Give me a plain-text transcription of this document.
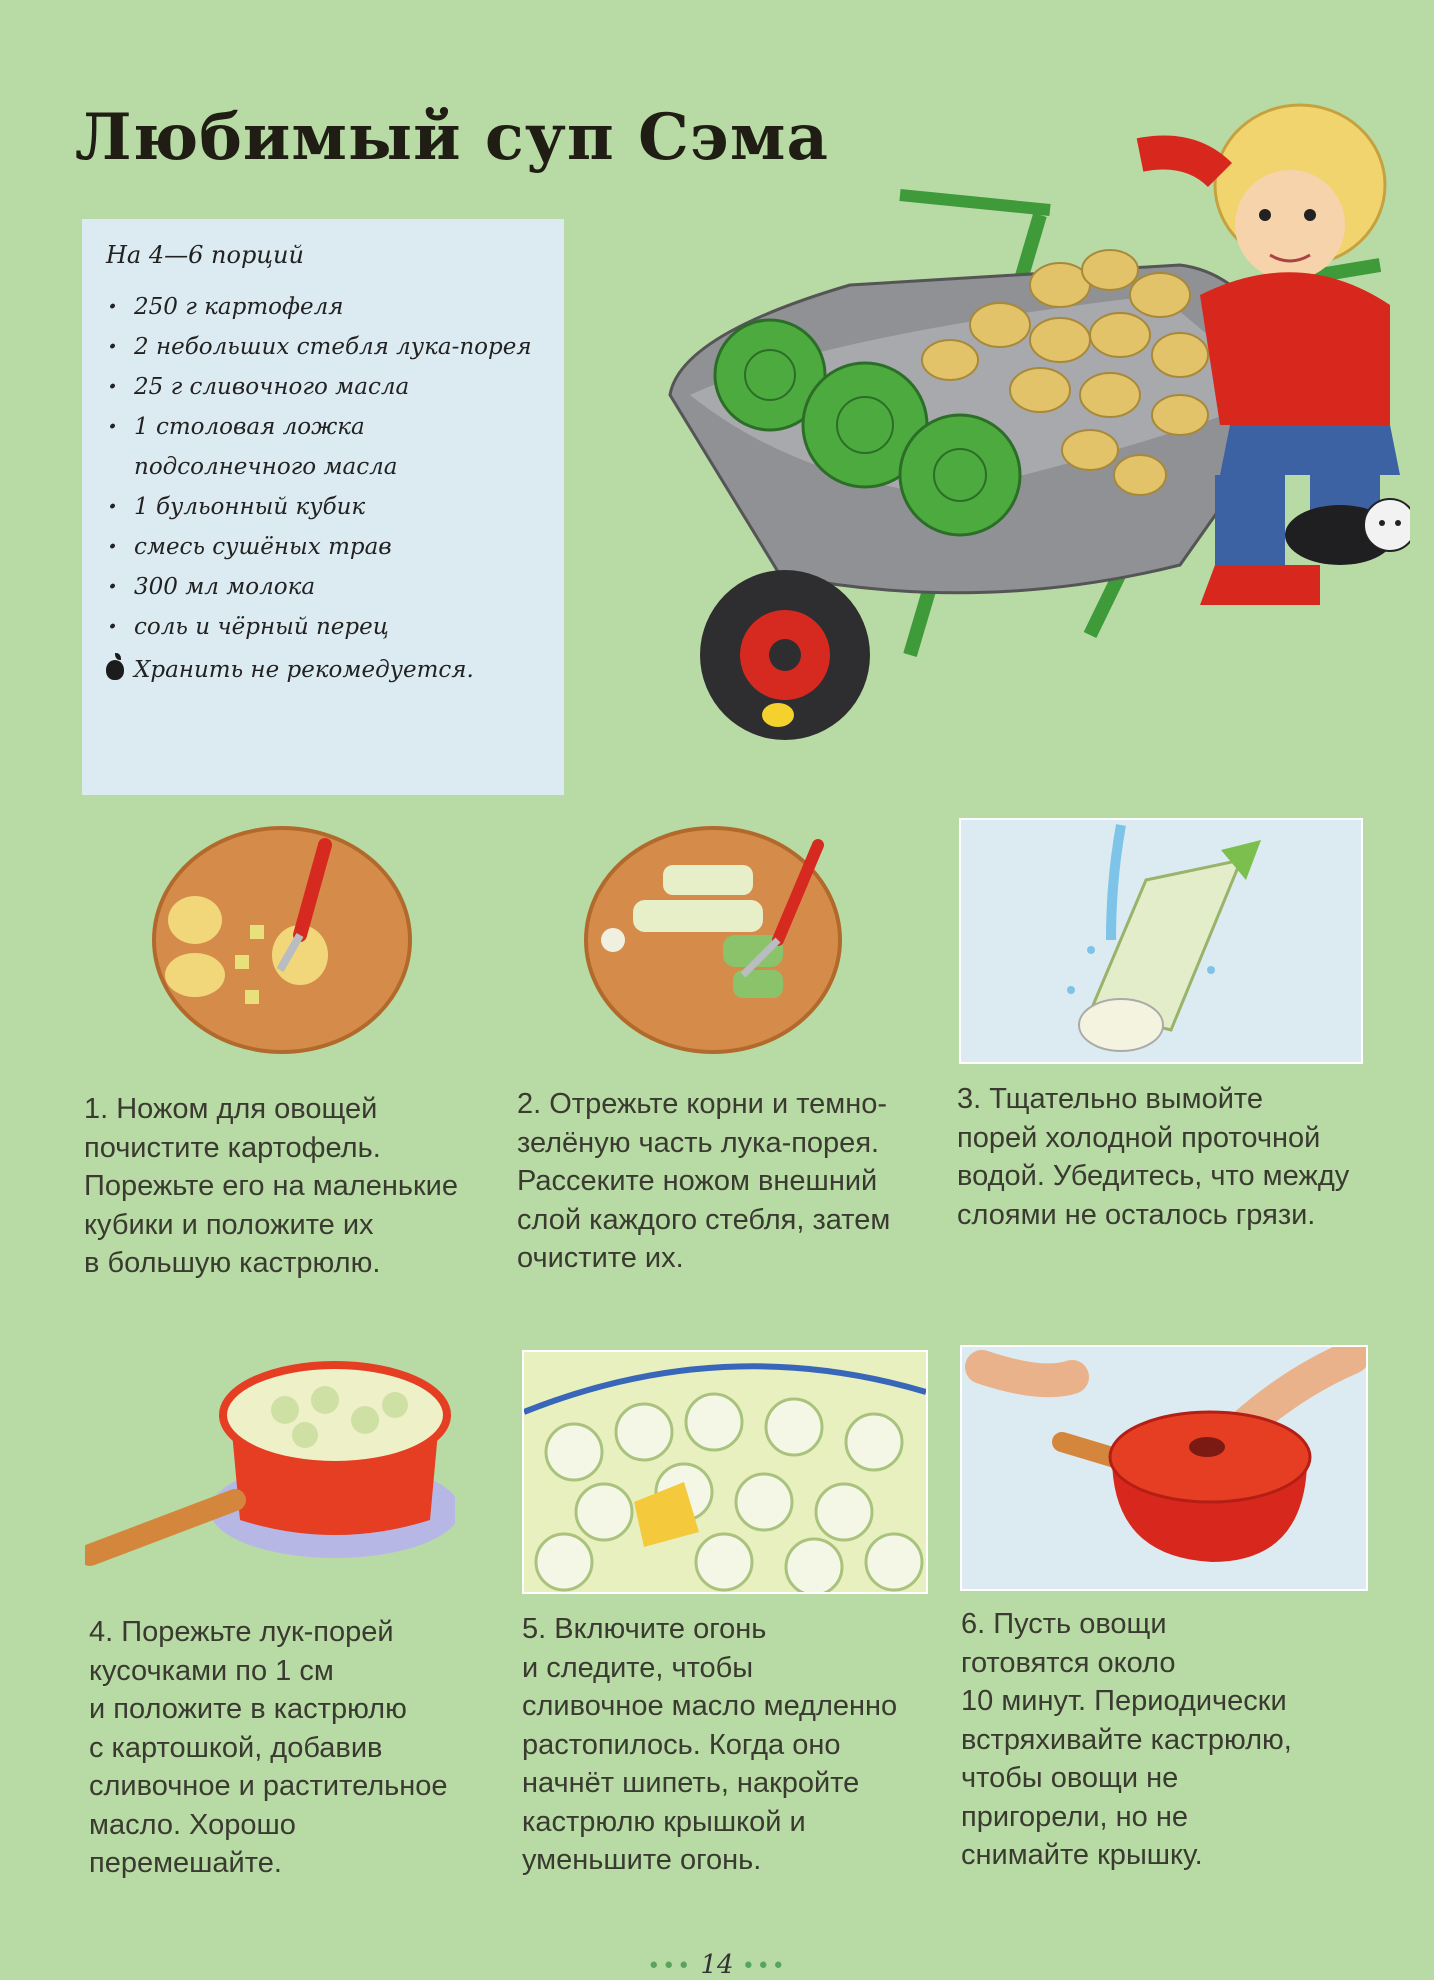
Любимый суп Сэма
На 4—6 порций
· 250 г картофеля
· 2 небольших стебля лука-порея
· 25 г сливочного масла
· 1 столовая ложка подсолнечного масла
· 1 бульонный кубик
· смесь сушёных трав
· 300 мл молока
· соль и чёрный перец
Хранить не рекомедуется.
1. Ножом для овощей
почистите картофель.
Порежьте его на маленькие
кубики и положите их
в большую кастрюлю.
2. Отрежьте корни и темно-
зелёную часть лука-порея.
Рассеките ножом внешний
слой каждого стебля, затем
очистите их.
3. Тщательно вымойте
порей холодной проточной
водой. Убедитесь, что между
слоями не осталось грязи.
4. Порежьте лук-порей
кусочками по 1 см
и положите в кастрюлю
с картошкой, добавив
сливочное и растительное
масло. Хорошо
перемешайте.
5. Включите огонь
и следите, чтобы
сливочное масло медленно
растопилось. Когда оно
начнёт шипеть, накройте
кастрюлю крышкой и
уменьшите огонь.
6. Пусть овощи
готовятся около
10 минут. Периодически
встряхивайте кастрюлю,
чтобы овощи не
пригорели, но не
снимайте крышку.
••• 14 •••
